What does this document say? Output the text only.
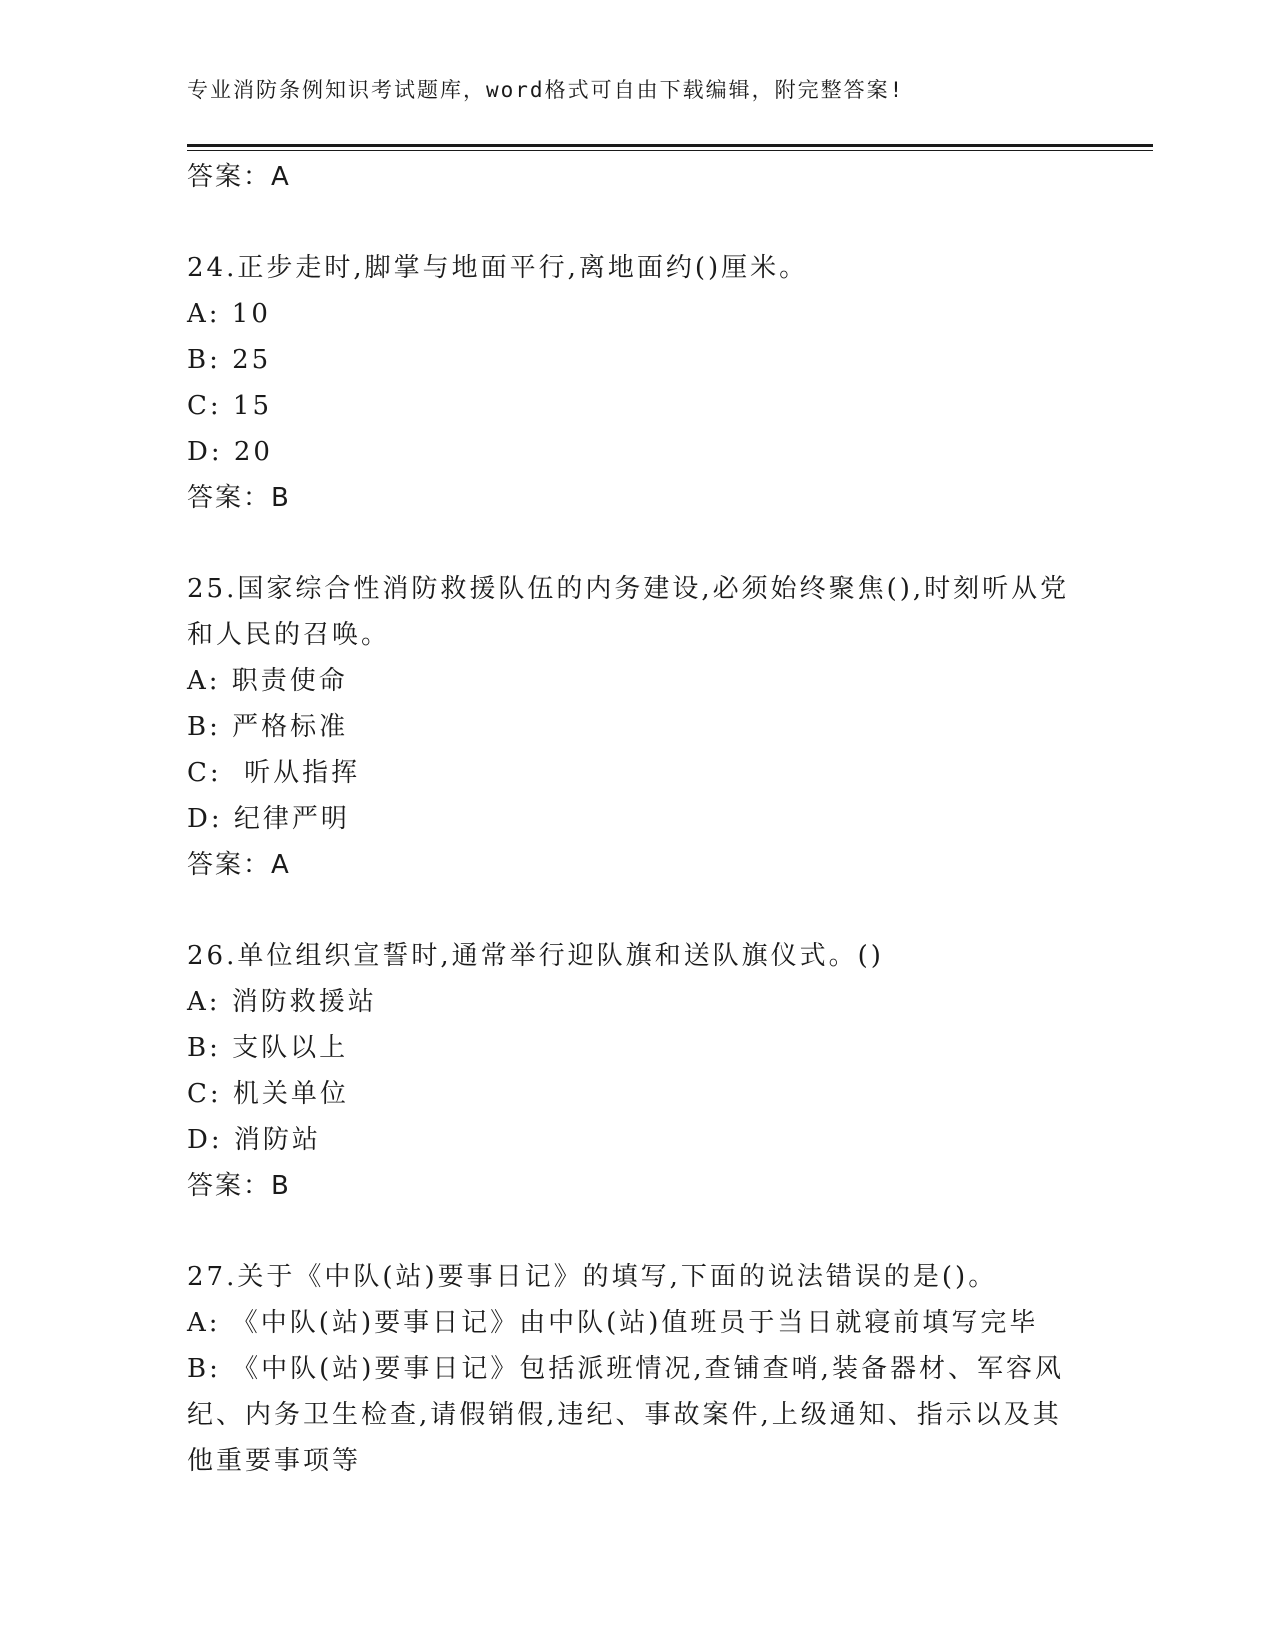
专业消防条例知识考试题库，word格式可自由下载编辑，附完整答案!
答案：A
24.正步走时,脚掌与地面平行,离地面约()厘米。
A: 10
B: 25
C: 15
D: 20
答案：B
25.国家综合性消防救援队伍的内务建设,必须始终聚焦(),时刻听从党
和人民的召唤。
A: 职责使命
B: 严格标准
C:  听从指挥
D: 纪律严明
答案：A
26.单位组织宣誓时,通常举行迎队旗和送队旗仪式。()
A: 消防救援站
B: 支队以上
C: 机关单位
D: 消防站
答案：B
27.关于《中队(站)要事日记》的填写,下面的说法错误的是()。
A: 《中队(站)要事日记》由中队(站)值班员于当日就寝前填写完毕
B: 《中队(站)要事日记》包括派班情况,查铺查哨,装备器材、军容风
纪、内务卫生检查,请假销假,违纪、事故案件,上级通知、指示以及其
他重要事项等
